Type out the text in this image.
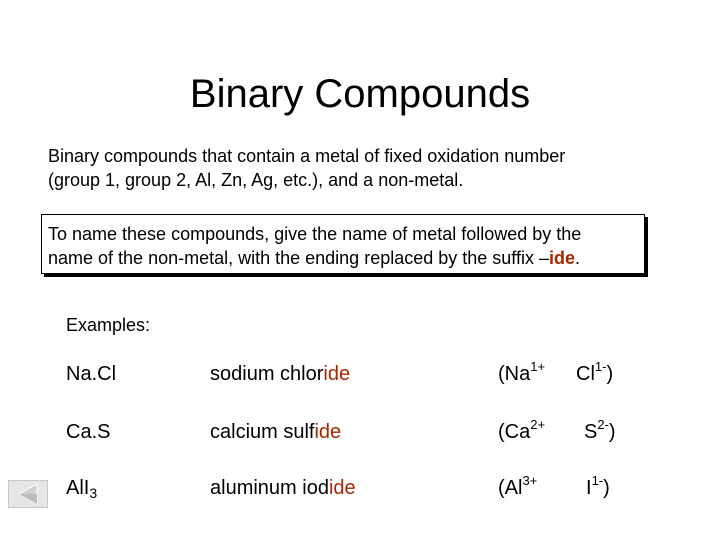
Binary Compounds
Binary compounds that contain a metal of fixed oxidation number
(group 1, group 2, Al, Zn, Ag, etc.), and a non-metal.
To name these compounds, give the name of metal followed by the
name of the non-metal, with the ending replaced by the suffix –ide.
Examples:
Na.Cl	sodium chloride	($Na^{1+}$ $Cl^{1-}$)
Ca.S	calcium sulfide	($Ca^{2+}$ $S^{2-}$)
AlI$_3$	aluminum iodide	($Al^{3+}$ $I^{1-}$)
